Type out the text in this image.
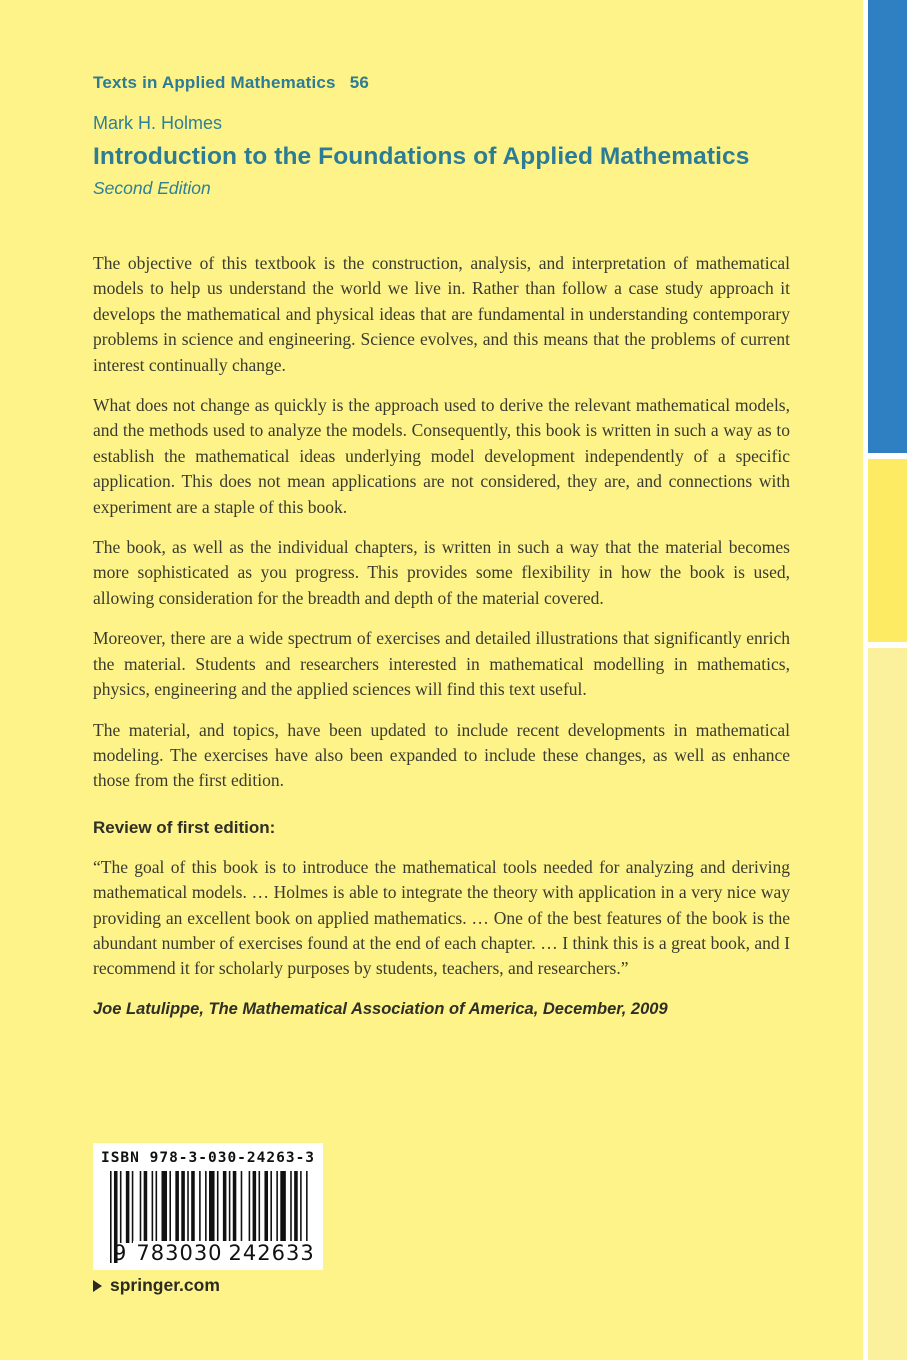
Texts in Applied Mathematics 56
Mark H. Holmes
Introduction to the Foundations of Applied Mathematics
Second Edition

The objective of this textbook is the construction, analysis, and interpretation of mathematical models to help us understand the world we live in. Rather than follow a case study approach it develops the mathematical and physical ideas that are fundamental in understanding contemporary problems in science and engineering. Science evolves, and this means that the problems of current interest continually change.

What does not change as quickly is the approach used to derive the relevant mathematical models, and the methods used to analyze the models. Consequently, this book is written in such a way as to establish the mathematical ideas underlying model development independently of a specific application. This does not mean applications are not considered, they are, and connections with experiment are a staple of this book.

The book, as well as the individual chapters, is written in such a way that the material becomes more sophisticated as you progress. This provides some flexibility in how the book is used, allowing consideration for the breadth and depth of the material covered.

Moreover, there are a wide spectrum of exercises and detailed illustrations that significantly enrich the material. Students and researchers interested in mathematical modelling in mathematics, physics, engineering and the applied sciences will find this text useful.

The material, and topics, have been updated to include recent developments in mathematical modeling. The exercises have also been expanded to include these changes, as well as enhance those from the first edition.

Review of first edition:
“The goal of this book is to introduce the mathematical tools needed for analyzing and deriving mathematical models. … Holmes is able to integrate the theory with application in a very nice way providing an excellent book on applied mathematics. … One of the best features of the book is the abundant number of exercises found at the end of each chapter. … I think this is a great book, and I recommend it for scholarly purposes by students, teachers, and researchers.”
Joe Latulippe, The Mathematical Association of America, December, 2009
ISBN 978-3-030-24263-3
9 783030 242633
springer.com
